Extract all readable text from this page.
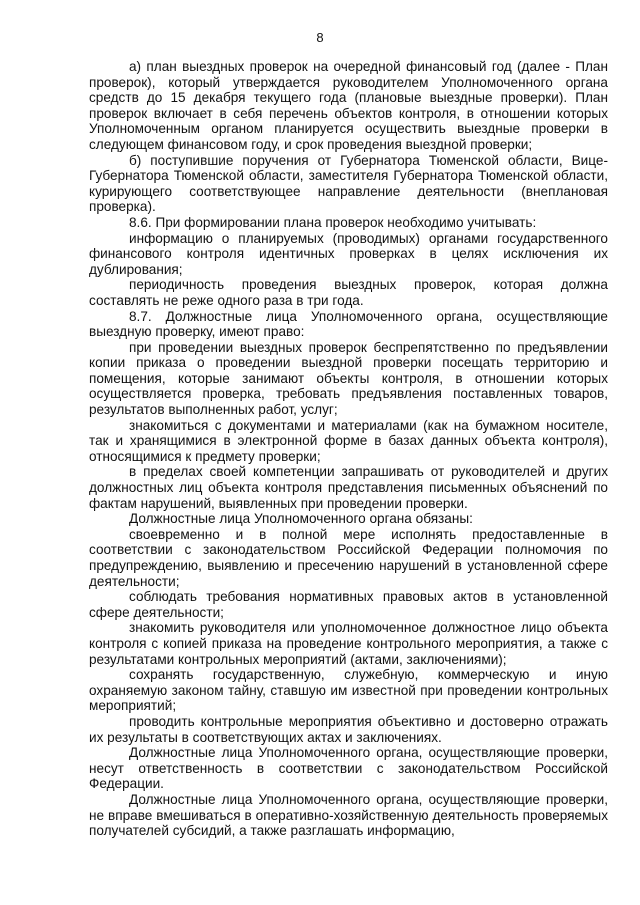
8

а) план выездных проверок на очередной финансовый год (далее - План проверок), который утверждается руководителем Уполномоченного органа средств до 15 декабря текущего года (плановые выездные проверки). План проверок включает в себя перечень объектов контроля, в отношении которых Уполномоченным органом планируется осуществить выездные проверки в следующем финансовом году, и срок проведения выездной проверки;

б) поступившие поручения от Губернатора Тюменской области, Вице-Губернатора Тюменской области, заместителя Губернатора Тюменской области, курирующего соответствующее направление деятельности (внеплановая проверка).

8.6. При формировании плана проверок необходимо учитывать:

информацию о планируемых (проводимых) органами государственного финансового контроля идентичных проверках в целях исключения их дублирования;

периодичность проведения выездных проверок, которая должна составлять не реже одного раза в три года.

8.7. Должностные лица Уполномоченного органа, осуществляющие выездную проверку, имеют право:

при проведении выездных проверок беспрепятственно по предъявлении копии приказа о проведении выездной проверки посещать территорию и помещения, которые занимают объекты контроля, в отношении которых осуществляется проверка, требовать предъявления поставленных товаров, результатов выполненных работ, услуг;

знакомиться с документами и материалами (как на бумажном носителе, так и хранящимися в электронной форме в базах данных объекта контроля), относящимися к предмету проверки;

в пределах своей компетенции запрашивать от руководителей и других должностных лиц объекта контроля представления письменных объяснений по фактам нарушений, выявленных при проведении проверки.

Должностные лица Уполномоченного органа обязаны:

своевременно и в полной мере исполнять предоставленные в соответствии с законодательством Российской Федерации полномочия по предупреждению, выявлению и пресечению нарушений в установленной сфере деятельности;

соблюдать требования нормативных правовых актов в установленной сфере деятельности;

знакомить руководителя или уполномоченное должностное лицо объекта контроля с копией приказа на проведение контрольного мероприятия, а также с результатами контрольных мероприятий (актами, заключениями);

сохранять государственную, служебную, коммерческую и иную охраняемую законом тайну, ставшую им известной при проведении контрольных мероприятий;

проводить контрольные мероприятия объективно и достоверно отражать их результаты в соответствующих актах и заключениях.

Должностные лица Уполномоченного органа, осуществляющие проверки, несут ответственность в соответствии с законодательством Российской Федерации.

Должностные лица Уполномоченного органа, осуществляющие проверки, не вправе вмешиваться в оперативно-хозяйственную деятельность проверяемых получателей субсидий, а также разглашать информацию,
